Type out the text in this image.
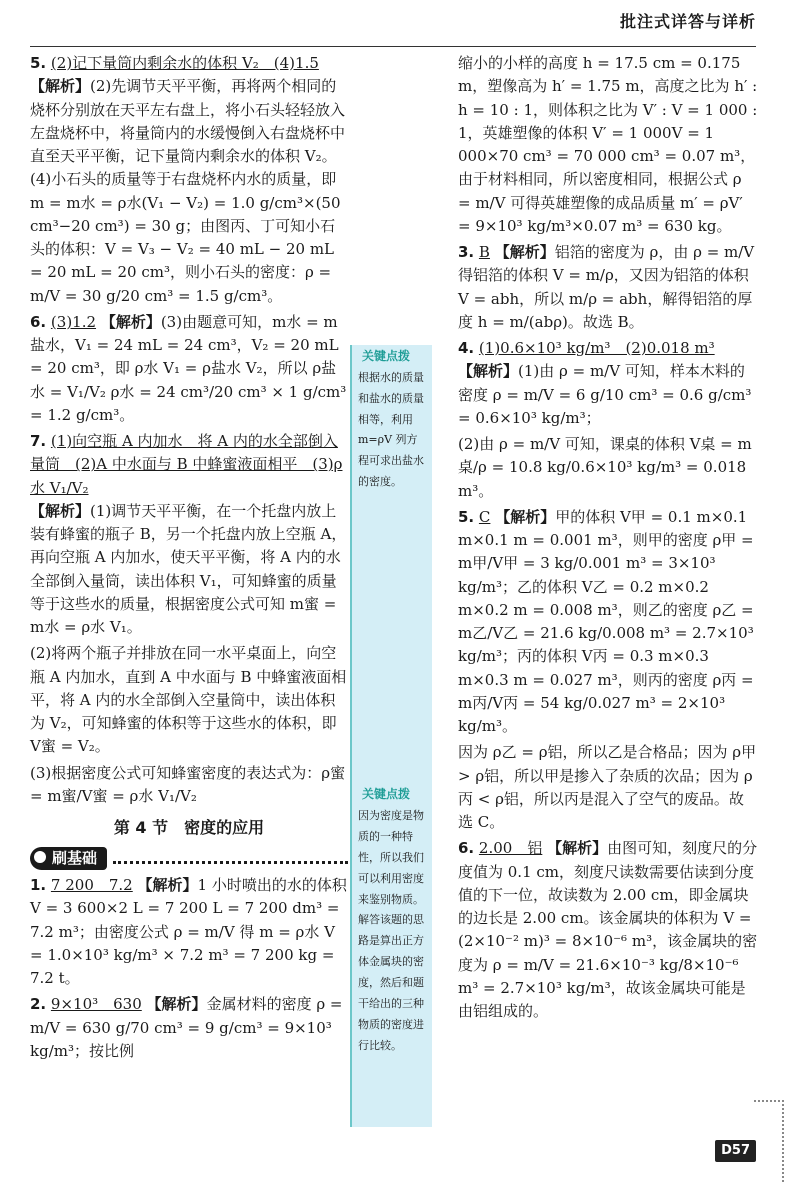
批注式详答与详析

5. (2)记下量筒内剩余水的体积 V₂　(4)1.5
【解析】(2)先调节天平平衡，再将两个相同的烧杯分别放在天平左右盘上，将小石头轻轻放入左盘烧杯中，将量筒内的水缓慢倒入右盘烧杯中直至天平平衡，记下量筒内剩余水的体积 V₂。(4)小石头的质量等于右盘烧杯内水的质量，即 m = m水 = ρ水(V₁ − V₂) = 1.0 g/cm³×(50 cm³−20 cm³) = 30 g；由图丙、丁可知小石头的体积：V = V₃ − V₂ = 40 mL − 20 mL = 20 mL = 20 cm³，则小石头的密度：ρ = m/V = 30 g/20 cm³ = 1.5 g/cm³。

6. (3)1.2 【解析】(3)由题意可知，m水 = m盐水，V₁ = 24 mL = 24 cm³，V₂ = 20 mL = 20 cm³，即 ρ水 V₁ = ρ盐水 V₂，所以 ρ盐水 = V₁/V₂ ρ水 = 24 cm³/20 cm³ × 1 g/cm³ = 1.2 g/cm³。

7. (1)向空瓶 A 内加水　将 A 内的水全部倒入量筒　(2)A 中水面与 B 中蜂蜜液面相平　(3)ρ水 V₁/V₂
【解析】(1)调节天平平衡，在一个托盘内放上装有蜂蜜的瓶子 B，另一个托盘内放上空瓶 A，再向空瓶 A 内加水，使天平平衡，将 A 内的水全部倒入量筒，读出体积 V₁，可知蜂蜜的质量等于这些水的质量，根据密度公式可知 m蜜 = m水 = ρ水 V₁。

(2)将两个瓶子并排放在同一水平桌面上，向空瓶 A 内加水，直到 A 中水面与 B 中蜂蜜液面相平，将 A 内的水全部倒入空量筒中，读出体积为 V₂，可知蜂蜜的体积等于这些水的体积，即 V蜜 = V₂。

(3)根据密度公式可知蜂蜜密度的表达式为：ρ蜜 = m蜜/V蜜 = ρ水 V₁/V₂

第 4 节　密度的应用
刷基础

1. 7 200　7.2 【解析】1 小时喷出的水的体积 V = 3 600×2 L = 7 200 L = 7 200 dm³ = 7.2 m³；由密度公式 ρ = m/V 得 m = ρ水 V = 1.0×10³ kg/m³ × 7.2 m³ = 7 200 kg = 7.2 t。

2. 9×10³　630 【解析】金属材料的密度 ρ = m/V = 630 g/70 cm³ = 9 g/cm³ = 9×10³ kg/m³；按比例

关键点拨
根据水的质量和盐水的质量相等，利用 m=ρV 列方程可求出盐水的密度。
关键点拨
因为密度是物质的一种特性，所以我们可以利用密度来鉴别物质。解答该题的思路是算出正方体金属块的密度，然后和题干给出的三种物质的密度进行比较。

缩小的小样的高度 h = 17.5 cm = 0.175 m，塑像高为 h′ = 1.75 m，高度之比为 h′ : h = 10 : 1，则体积之比为 V′ : V = 1 000 : 1，英雄塑像的体积 V′ = 1 000V = 1 000×70 cm³ = 70 000 cm³ = 0.07 m³，由于材料相同，所以密度相同，根据公式 ρ = m/V 可得英雄塑像的成品质量 m′ = ρV′ = 9×10³ kg/m³×0.07 m³ = 630 kg。

3. B 【解析】铝箔的密度为 ρ，由 ρ = m/V 得铝箔的体积 V = m/ρ，又因为铝箔的体积 V = abh，所以 m/ρ = abh，解得铝箔的厚度 h = m/(abρ)。故选 B。

4. (1)0.6×10³ kg/m³　(2)0.018 m³
【解析】(1)由 ρ = m/V 可知，样本木料的密度 ρ = m/V = 6 g/10 cm³ = 0.6 g/cm³ = 0.6×10³ kg/m³；

(2)由 ρ = m/V 可知，课桌的体积 V桌 = m桌/ρ = 10.8 kg/0.6×10³ kg/m³ = 0.018 m³。

5. C 【解析】甲的体积 V甲 = 0.1 m×0.1 m×0.1 m = 0.001 m³，则甲的密度 ρ甲 = m甲/V甲 = 3 kg/0.001 m³ = 3×10³ kg/m³；乙的体积 V乙 = 0.2 m×0.2 m×0.2 m = 0.008 m³，则乙的密度 ρ乙 = m乙/V乙 = 21.6 kg/0.008 m³ = 2.7×10³ kg/m³；丙的体积 V丙 = 0.3 m×0.3 m×0.3 m = 0.027 m³，则丙的密度 ρ丙 = m丙/V丙 = 54 kg/0.027 m³ = 2×10³ kg/m³。

因为 ρ乙 = ρ铝，所以乙是合格品；因为 ρ甲 > ρ铝，所以甲是掺入了杂质的次品；因为 ρ丙 < ρ铝，所以丙是混入了空气的废品。故选 C。

6. 2.00　铝 【解析】由图可知，刻度尺的分度值为 0.1 cm，刻度尺读数需要估读到分度值的下一位，故读数为 2.00 cm，即金属块的边长是 2.00 cm。该金属块的体积为 V = (2×10⁻² m)³ = 8×10⁻⁶ m³，该金属块的密度为 ρ = m/V = 21.6×10⁻³ kg/8×10⁻⁶ m³ = 2.7×10³ kg/m³，故该金属块可能是由铝组成的。

D57
